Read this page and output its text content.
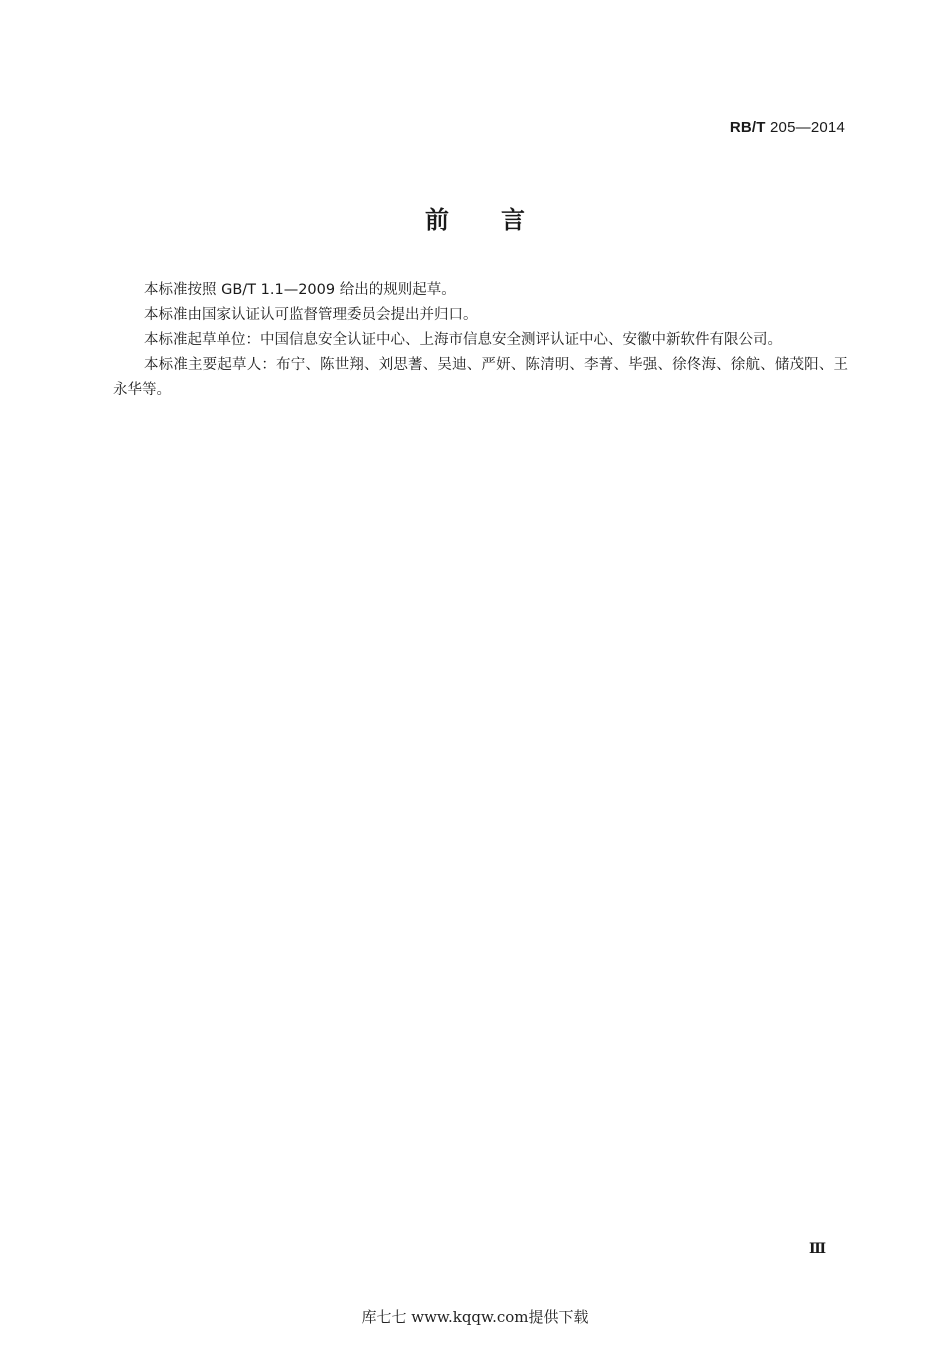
RB/T 205—2014
前言

本标准按照 GB/T 1.1—2009 给出的规则起草。

本标准由国家认证认可监督管理委员会提出并归口。

本标准起草单位：中国信息安全认证中心、上海市信息安全测评认证中心、安徽中新软件有限公司。

本标准主要起草人：布宁、陈世翔、刘思蓍、吴迪、严妍、陈清明、李菁、毕强、徐佟海、徐航、储茂阳、王永华等。

Ⅲ
库七七 www.kqqw.com提供下载
